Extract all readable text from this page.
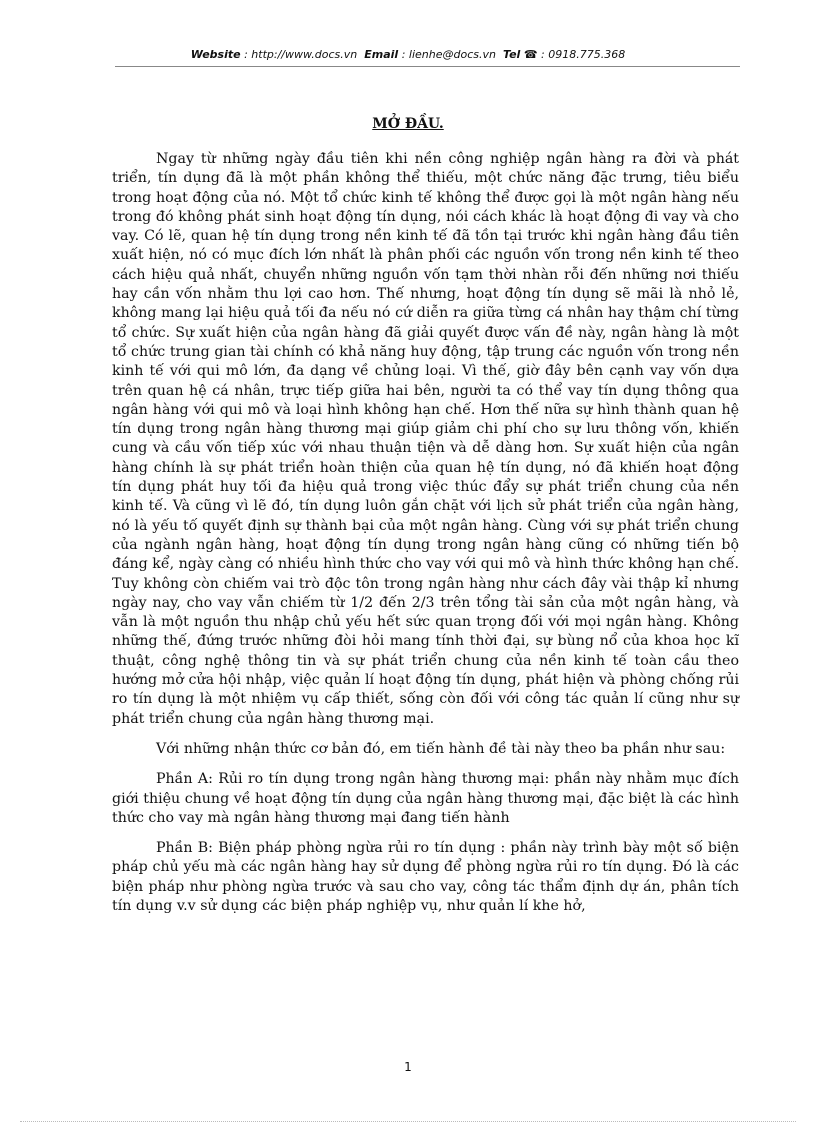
Website : http://www.docs.vn Email : lienhe@docs.vn Tel ☎ : 0918.775.368
MỞ ĐẦU.

Ngay từ những ngày đầu tiên khi nền công nghiệp ngân hàng ra đời và phát triển, tín dụng đã là một phần không thể thiếu, một chức năng đặc trưng, tiêu biểu trong hoạt động của nó. Một tổ chức kinh tế không thể được gọi là một ngân hàng nếu trong đó không phát sinh hoạt động tín dụng, nói cách khác là hoạt động đi vay và cho vay. Có lẽ, quan hệ tín dụng trong nền kinh tế đã tồn tại trước khi ngân hàng đầu tiên xuất hiện, nó có mục đích lớn nhất là phân phối các nguồn vốn trong nền kinh tế theo cách hiệu quả nhất, chuyển những nguồn vốn tạm thời nhàn rỗi đến những nơi thiếu hay cần vốn nhằm thu lợi cao hơn. Thế nhưng, hoạt động tín dụng sẽ mãi là nhỏ lẻ, không mang lại hiệu quả tối đa nếu nó cứ diễn ra giữa từng cá nhân hay thậm chí từng tổ chức. Sự xuất hiện của ngân hàng đã giải quyết được vấn đề này, ngân hàng là một tổ chức trung gian tài chính có khả năng huy động, tập trung các nguồn vốn trong nền kinh tế với qui mô lớn, đa dạng về chủng loại. Vì thế, giờ đây bên cạnh vay vốn dựa trên quan hệ cá nhân, trực tiếp giữa hai bên, người ta có thể vay tín dụng thông qua ngân hàng với qui mô và loại hình không hạn chế. Hơn thế nữa sự hình thành quan hệ tín dụng trong ngân hàng thương mại giúp giảm chi phí cho sự lưu thông vốn, khiến cung và cầu vốn tiếp xúc với nhau thuận tiện và dễ dàng hơn. Sự xuất hiện của ngân hàng chính là sự phát triển hoàn thiện của quan hệ tín dụng, nó đã khiến hoạt động tín dụng phát huy tối đa hiệu quả trong việc thúc đẩy sự phát triển chung của nền kinh tế. Và cũng vì lẽ đó, tín dụng luôn gắn chặt với lịch sử phát triển của ngân hàng, nó là yếu tố quyết định sự thành bại của một ngân hàng. Cùng với sự phát triển chung của ngành ngân hàng, hoạt động tín dụng trong ngân hàng cũng có những tiến bộ đáng kể, ngày càng có nhiều hình thức cho vay với qui mô và hình thức không hạn chế. Tuy không còn chiếm vai trò độc tôn trong ngân hàng như cách đây vài thập kỉ nhưng ngày nay, cho vay vẫn chiếm từ 1/2 đến 2/3 trên tổng tài sản của một ngân hàng, và vẫn là một nguồn thu nhập chủ yếu hết sức quan trọng đối với mọi ngân hàng. Không những thế, đứng trước những đòi hỏi mang tính thời đại, sự bùng nổ của khoa học kĩ thuật, công nghệ thông tin và sự phát triển chung của nền kinh tế toàn cầu theo hướng mở cửa hội nhập, việc quản lí hoạt động tín dụng, phát hiện và phòng chống rủi ro tín dụng là một nhiệm vụ cấp thiết, sống còn đối với công tác quản lí cũng như sự phát triển chung của ngân hàng thương mại.

Với những nhận thức cơ bản đó, em tiến hành đề tài này theo ba phần như sau:

Phần A: Rủi ro tín dụng trong ngân hàng thương mại: phần này nhằm mục đích giới thiệu chung về hoạt động tín dụng của ngân hàng thương mại, đặc biệt là các hình thức cho vay mà ngân hàng thương mại đang tiến hành

Phần B: Biện pháp phòng ngừa rủi ro tín dụng : phần này trình bày một số biện pháp chủ yếu mà các ngân hàng hay sử dụng để phòng ngừa rủi ro tín dụng. Đó là các biện pháp như phòng ngừa trước và sau cho vay, công tác thẩm định dự án, phân tích tín dụng v.v sử dụng các biện pháp nghiệp vụ, như quản lí khe hở,

1
